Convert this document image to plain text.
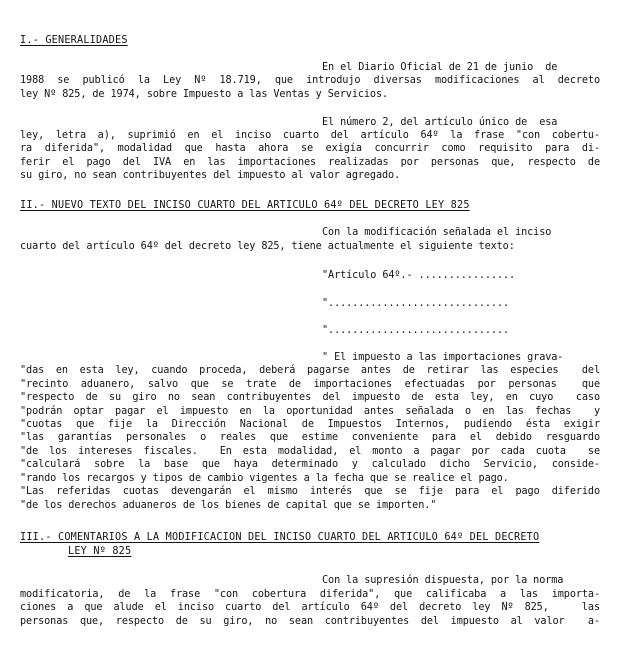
I.- GENERALIDADES
En el Diario Oficial de 21 de junio  de
1988 se publicó la Ley Nº 18.719, que introdujo diversas modificaciones al decreto
ley Nº 825, de 1974, sobre Impuesto a las Ventas y Servicios.
El número 2, del artículo único de  esa
ley, letra a), suprimió en el inciso cuarto del artículo 64º la frase "con cobertu-
ra diferida", modalidad que hasta ahora se exigía concurrir como requisito para di-
ferir el pago del IVA en las importaciones realizadas por personas que, respecto de
su giro, no sean contribuyentes del impuesto al valor agregado.
II.- NUEVO TEXTO DEL INCISO CUARTO DEL ARTICULO 64º DEL DECRETO LEY 825
Con la modificación señalada el inciso
cuarto del artículo 64º del decreto ley 825, tiene actualmente el siguiente texto:
"Artículo 64º.- ................
"..............................
"..............................
" El impuesto a las importaciones grava-
"das en esta ley, cuando proceda, deberá pagarse antes de retirar las especies  del
"recinto aduanero, salvo que se trate de importaciones efectuadas por personas  que
"respecto de su giro no sean contribuyentes del impuesto de esta ley, en cuyo  caso
"podrán optar pagar el impuesto en la oportunidad antes señalada o en las fechas  y
"cuotas que fije la Dirección Nacional de Impuestos Internos, pudiendo ésta exigir
"las garantías personales o reales que estime conveniente para el debido resguardo
"de los intereses fiscales.  En esta modalidad, el monto a pagar por cada cuota  se
"calculará sobre la base que haya determinado y calculado dicho Servicio, conside-
"rando los recargos y tipos de cambio vigentes a la fecha que se realice el pago.
"Las referidas cuotas devengarán el mismo interés que se fije para el pago diferido
"de los derechos aduaneros de los bienes de capital que se importen."
III.- COMENTARIOS A LA MODIFICACION DEL INCISO CUARTO DEL ARTICULO 64º DEL DECRETO
LEY Nº 825
Con la supresión dispuesta, por la norma
modificatoria, de la frase "con cobertura diferida", que calificaba a las importa-
ciones a que alude el inciso cuarto del artículo 64º del decreto ley Nº 825,   las
personas que, respecto de su giro, no sean contribuyentes del impuesto al valor  a-
